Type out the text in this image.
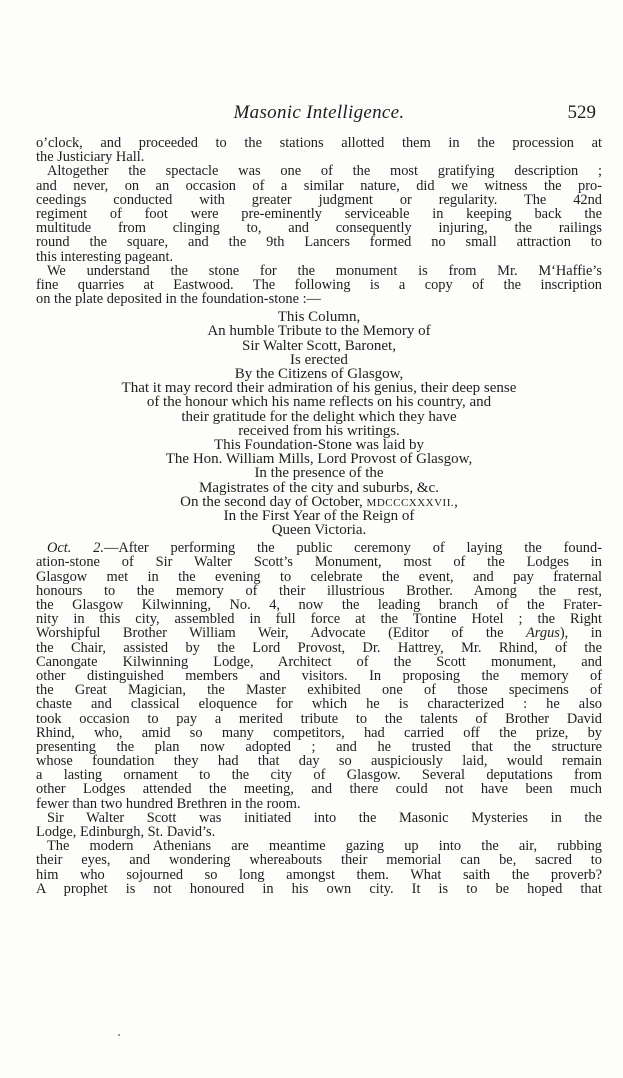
Masonic Intelligence.	529
o’clock, and proceeded to the stations allotted them in the procession at
the Justiciary Hall.
Altogether the spectacle was one of the most gratifying description ;
and never, on an occasion of a similar nature, did we witness the pro-
ceedings conducted with greater judgment or regularity. The 42nd
regiment of foot were pre-eminently serviceable in keeping back the
multitude from clinging to, and consequently injuring, the railings
round the square, and the 9th Lancers formed no small attraction to
this interesting pageant.
We understand the stone for the monument is from Mr. M‘Haffie’s
fine quarries at Eastwood. The following is a copy of the inscription
on the plate deposited in the foundation-stone :—
This Column,
An humble Tribute to the Memory of
Sir Walter Scott, Baronet,
Is erected
By the Citizens of Glasgow,
That it may record their admiration of his genius, their deep sense
of the honour which his name reflects on his country, and
their gratitude for the delight which they have
received from his writings.
This Foundation-Stone was laid by
The Hon. William Mills, Lord Provost of Glasgow,
In the presence of the
Magistrates of the city and suburbs, &c.
On the second day of October, MDCCCXXXVII.,
In the First Year of the Reign of
Queen Victoria.
Oct. 2.—After performing the public ceremony of laying the found-
ation-stone of Sir Walter Scott’s Monument, most of the Lodges in
Glasgow met in the evening to celebrate the event, and pay fraternal
honours to the memory of their illustrious Brother. Among the rest,
the Glasgow Kilwinning, No. 4, now the leading branch of the Frater-
nity in this city, assembled in full force at the Tontine Hotel ; the Right
Worshipful Brother William Weir, Advocate (Editor of the Argus), in
the Chair, assisted by the Lord Provost, Dr. Hattrey, Mr. Rhind, of the
Canongate Kilwinning Lodge, Architect of the Scott monument, and
other distinguished members and visitors. In proposing the memory of
the Great Magician, the Master exhibited one of those specimens of
chaste and classical eloquence for which he is characterized : he also
took occasion to pay a merited tribute to the talents of Brother David
Rhind, who, amid so many competitors, had carried off the prize, by
presenting the plan now adopted ; and he trusted that the structure
whose foundation they had that day so auspiciously laid, would remain
a lasting ornament to the city of Glasgow. Several deputations from
other Lodges attended the meeting, and there could not have been much
fewer than two hundred Brethren in the room.
Sir Walter Scott was initiated into the Masonic Mysteries in the
Lodge, Edinburgh, St. David’s.
The modern Athenians are meantime gazing up into the air, rubbing
their eyes, and wondering whereabouts their memorial can be, sacred to
him who sojourned so long amongst them. What saith the proverb?
A prophet is not honoured in his own city. It is to be hoped that
